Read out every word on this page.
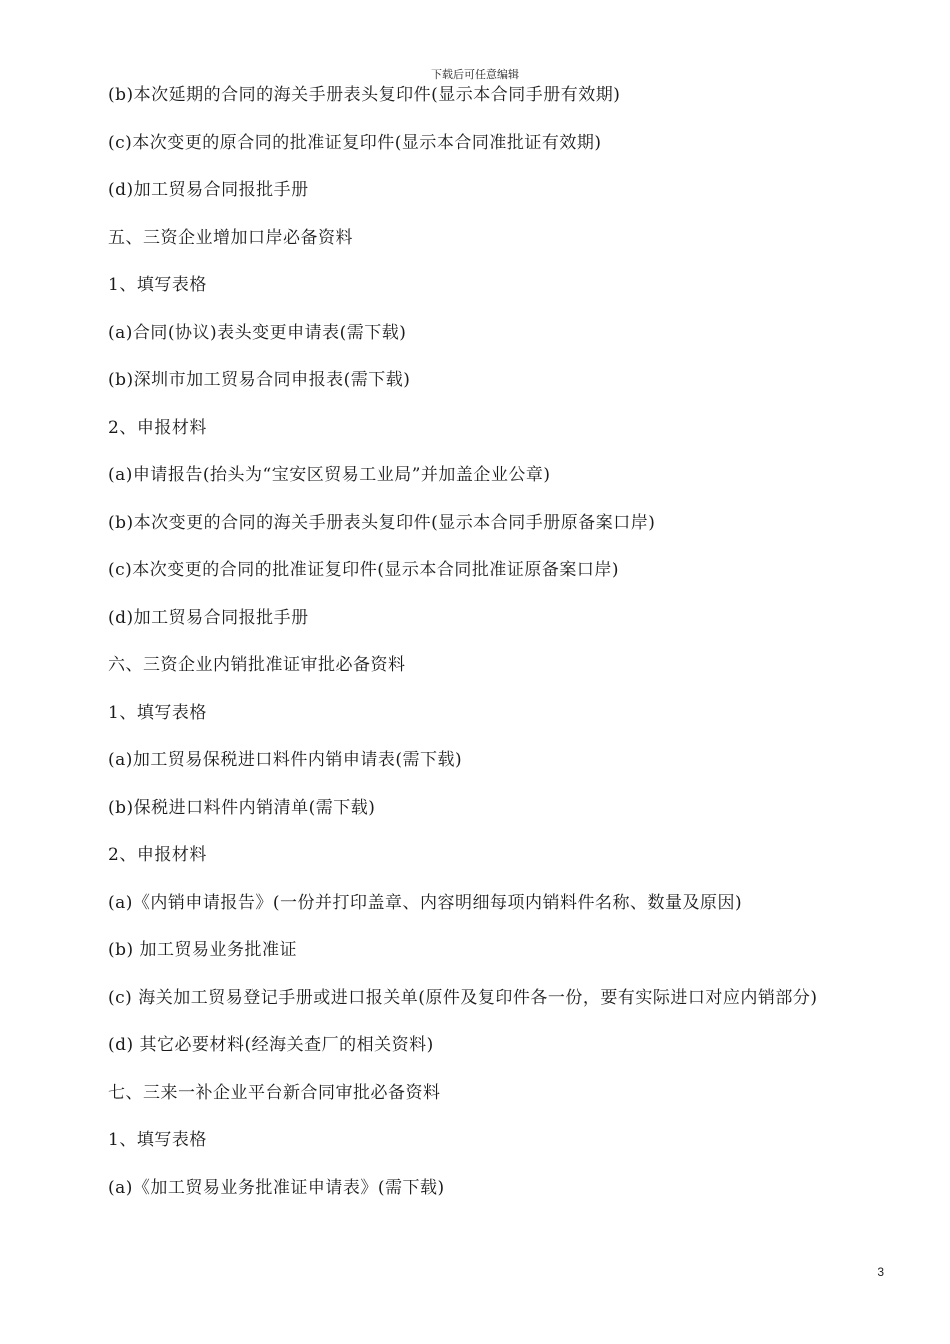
下载后可任意编辑

(b)本次延期的合同的海关手册表头复印件(显示本合同手册有效期)

(c)本次变更的原合同的批准证复印件(显示本合同准批证有效期)

(d)加工贸易合同报批手册

五、三资企业增加口岸必备资料

1、填写表格

(a)合同(协议)表头变更申请表(需下载)

(b)深圳市加工贸易合同申报表(需下载)

2、申报材料

(a)申请报告(抬头为“宝安区贸易工业局”并加盖企业公章)

(b)本次变更的合同的海关手册表头复印件(显示本合同手册原备案口岸)

(c)本次变更的合同的批准证复印件(显示本合同批准证原备案口岸)

(d)加工贸易合同报批手册

六、三资企业内销批准证审批必备资料

1、填写表格

(a)加工贸易保税进口料件内销申请表(需下载)

(b)保税进口料件内销清单(需下载)

2、申报材料

(a)《内销申请报告》(一份并打印盖章、内容明细每项内销料件名称、数量及原因)

(b) 加工贸易业务批准证

(c) 海关加工贸易登记手册或进口报关单(原件及复印件各一份，要有实际进口对应内销部分)

(d) 其它必要材料(经海关查厂的相关资料)

七、三来一补企业平台新合同审批必备资料

1、填写表格

(a)《加工贸易业务批准证申请表》(需下载)

3
